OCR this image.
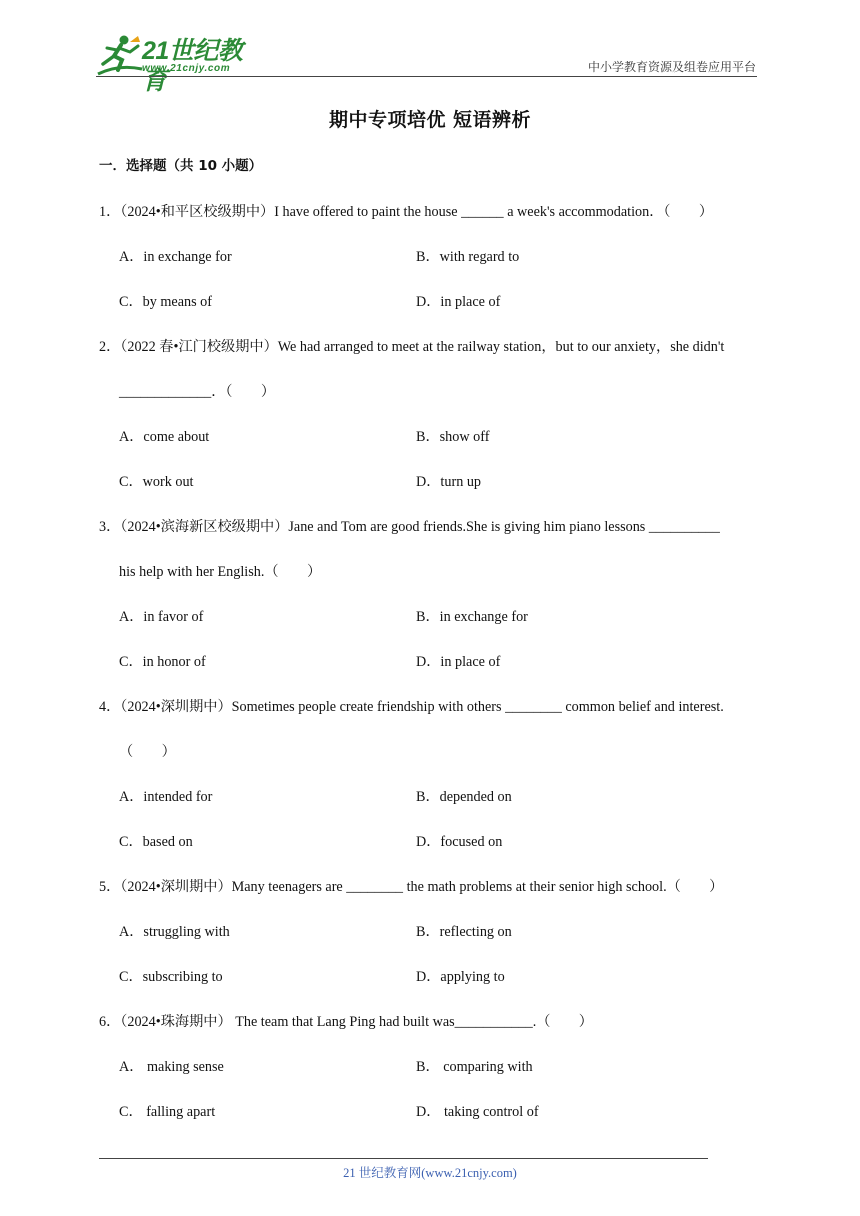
21世纪教育
www.21cnjy.com	中小学教育资源及组卷应用平台
期中专项培优 短语辨析
一．选择题（共 10 小题）
1．（2024•和平区校级期中）I have offered to paint the house ______ a week's accommodation．（　　）
A．in exchange for	B．with regard to
C．by means of	D．in place of
2．（2022 春•江门校级期中）We had arranged to meet at the railway station，but to our anxiety，she didn't
_____________．（　　）
A．come about	B．show off
C．work out	D．turn up
3．（2024•滨海新区校级期中）Jane and Tom are good friends.She is giving him piano lessons __________
his help with her English.（　　）
A．in favor of	B．in exchange for
C．in honor of	D．in place of
4．（2024•深圳期中）Sometimes people create friendship with others ________ common belief and interest.
（　　）
A．intended for	B．depended on
C．based on	D．focused on
5．（2024•深圳期中）Many teenagers are ________ the math problems at their senior high school.（　　）
A．struggling with	B．reflecting on
C．subscribing to	D．applying to
6．（2024•珠海期中） The team that Lang Ping had built was___________.（　　）
A． making sense	B． comparing with
C． falling apart	D． taking control of
21 世纪教育网(www.21cnjy.com)
